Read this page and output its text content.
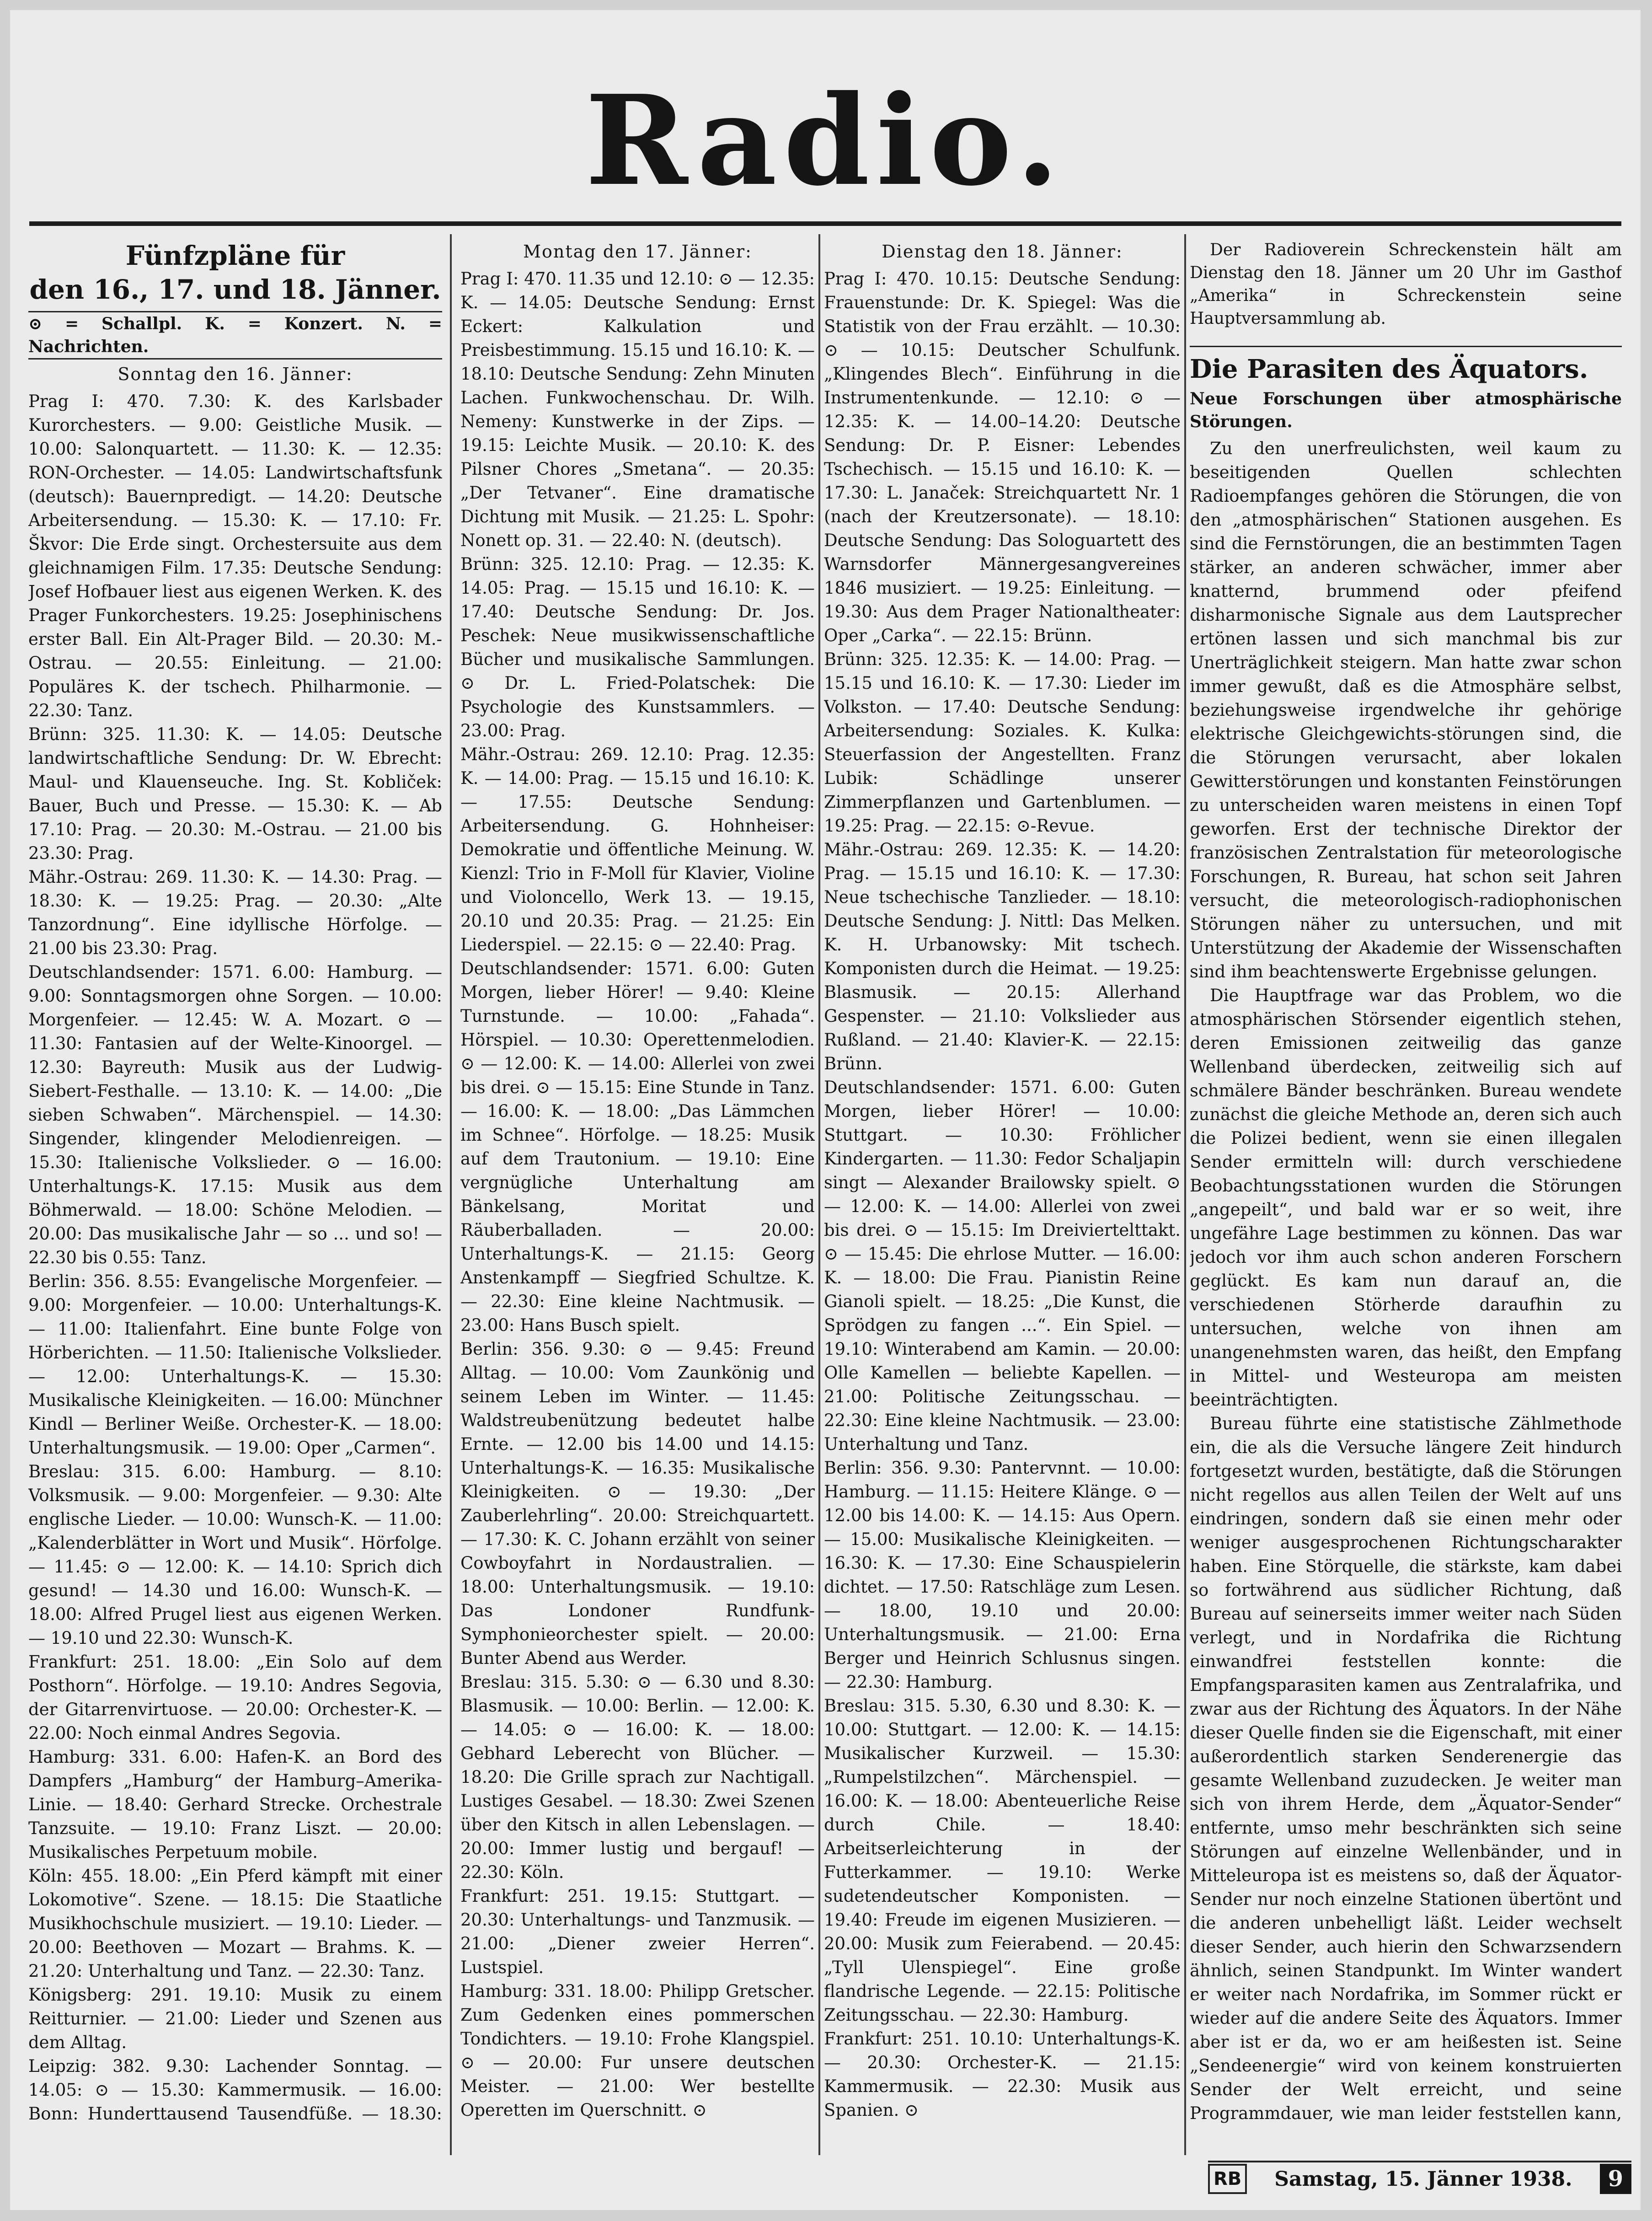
Radio.
Fünfzpläne für
den 16., 17. und 18. Jänner.
⊙ = Schallpl. K. = Konzert. N. = Nachrichten.
Sonntag den 16. Jänner:

Prag I: 470. 7.30: K. des Karlsbader Kurorchesters. — 9.00: Geistliche Musik. — 10.00: Salonquartett. — 11.30: K. — 12.35: RON-Orchester. — 14.05: Landwirtschaftsfunk (deutsch): Bauernpredigt. — 14.20: Deutsche Arbeitersendung. — 15.30: K. — 17.10: Fr. Škvor: Die Erde singt. Orchestersuite aus dem gleichnamigen Film. 17.35: Deutsche Sendung: Josef Hofbauer liest aus eigenen Werken. K. des Prager Funkorchesters. 19.25: Josephinischens erster Ball. Ein Alt-Prager Bild. — 20.30: M.-Ostrau. — 20.55: Einleitung. — 21.00: Populäres K. der tschech. Philharmonie. — 22.30: Tanz.

Brünn: 325. 11.30: K. — 14.05: Deutsche landwirtschaftliche Sendung: Dr. W. Ebrecht: Maul- und Klauenseuche. Ing. St. Kobliček: Bauer, Buch und Presse. — 15.30: K. — Ab 17.10: Prag. — 20.30: M.-Ostrau. — 21.00 bis 23.30: Prag.

Mähr.-Ostrau: 269. 11.30: K. — 14.30: Prag. — 18.30: K. — 19.25: Prag. — 20.30: „Alte Tanzordnung“. Eine idyllische Hörfolge. — 21.00 bis 23.30: Prag.

Deutschlandsender: 1571. 6.00: Hamburg. — 9.00: Sonntagsmorgen ohne Sorgen. — 10.00: Morgenfeier. — 12.45: W. A. Mozart. ⊙ — 11.30: Fantasien auf der Welte-Kinoorgel. — 12.30: Bayreuth: Musik aus der Ludwig-Siebert-Festhalle. — 13.10: K. — 14.00: „Die sieben Schwaben“. Märchenspiel. — 14.30: Singender, klingender Melodienreigen. — 15.30: Italienische Volkslieder. ⊙ — 16.00: Unterhaltungs-K. 17.15: Musik aus dem Böhmerwald. — 18.00: Schöne Melodien. — 20.00: Das musikalische Jahr — so ... und so! — 22.30 bis 0.55: Tanz.

Berlin: 356. 8.55: Evangelische Morgenfeier. — 9.00: Morgenfeier. — 10.00: Unterhaltungs-K. — 11.00: Italienfahrt. Eine bunte Folge von Hörberichten. — 11.50: Italienische Volkslieder. — 12.00: Unterhaltungs-K. — 15.30: Musikalische Kleinigkeiten. — 16.00: Münchner Kindl — Berliner Weiße. Orchester-K. — 18.00: Unterhaltungsmusik. — 19.00: Oper „Carmen“.

Breslau: 315. 6.00: Hamburg. — 8.10: Volksmusik. — 9.00: Morgenfeier. — 9.30: Alte englische Lieder. — 10.00: Wunsch-K. — 11.00: „Kalenderblätter in Wort und Musik“. Hörfolge. — 11.45: ⊙ — 12.00: K. — 14.10: Sprich dich gesund! — 14.30 und 16.00: Wunsch-K. — 18.00: Alfred Prugel liest aus eigenen Werken. — 19.10 und 22.30: Wunsch-K.

Frankfurt: 251. 18.00: „Ein Solo auf dem Posthorn“. Hörfolge. — 19.10: Andres Segovia, der Gitarrenvirtuose. — 20.00: Orchester-K. — 22.00: Noch einmal Andres Segovia.

Hamburg: 331. 6.00: Hafen-K. an Bord des Dampfers „Hamburg“ der Hamburg–Amerika-Linie. — 18.40: Gerhard Strecke. Orchestrale Tanzsuite. — 19.10: Franz Liszt. — 20.00: Musikalisches Perpetuum mobile.

Köln: 455. 18.00: „Ein Pferd kämpft mit einer Lokomotive“. Szene. — 18.15: Die Staatliche Musikhochschule musiziert. — 19.10: Lieder. — 20.00: Beethoven — Mozart — Brahms. K. — 21.20: Unterhaltung und Tanz. — 22.30: Tanz.

Königsberg: 291. 19.10: Musik zu einem Reitturnier. — 21.00: Lieder und Szenen aus dem Alltag.

Leipzig: 382. 9.30: Lachender Sonntag. — 14.05: ⊙ — 15.30: Kammermusik. — 16.00: Bonn: Hunderttausend Tausendfüße. — 18.30:

Montag den 17. Jänner:

Prag I: 470. 11.35 und 12.10: ⊙ — 12.35: K. — 14.05: Deutsche Sendung: Ernst Eckert: Kalkulation und Preisbestimmung. 15.15 und 16.10: K. — 18.10: Deutsche Sendung: Zehn Minuten Lachen. Funkwochenschau. Dr. Wilh. Nemeny: Kunstwerke in der Zips. — 19.15: Leichte Musik. — 20.10: K. des Pilsner Chores „Smetana“. — 20.35: „Der Tetvaner“. Eine dramatische Dichtung mit Musik. — 21.25: L. Spohr: Nonett op. 31. — 22.40: N. (deutsch).

Brünn: 325. 12.10: Prag. — 12.35: K. 14.05: Prag. — 15.15 und 16.10: K. — 17.40: Deutsche Sendung: Dr. Jos. Peschek: Neue musikwissenschaftliche Bücher und musikalische Sammlungen. ⊙ Dr. L. Fried-Polatschek: Die Psychologie des Kunstsammlers. — 23.00: Prag.

Mähr.-Ostrau: 269. 12.10: Prag. 12.35: K. — 14.00: Prag. — 15.15 und 16.10: K. — 17.55: Deutsche Sendung: Arbeitersendung. G. Hohnheiser: Demokratie und öffentliche Meinung. W. Kienzl: Trio in F-Moll für Klavier, Violine und Violoncello, Werk 13. — 19.15, 20.10 und 20.35: Prag. — 21.25: Ein Liederspiel. — 22.15: ⊙ — 22.40: Prag.

Deutschlandsender: 1571. 6.00: Guten Morgen, lieber Hörer! — 9.40: Kleine Turnstunde. — 10.00: „Fahada“. Hörspiel. — 10.30: Operettenmelodien. ⊙ — 12.00: K. — 14.00: Allerlei von zwei bis drei. ⊙ — 15.15: Eine Stunde in Tanz. — 16.00: K. — 18.00: „Das Lämmchen im Schnee“. Hörfolge. — 18.25: Musik auf dem Trautonium. — 19.10: Eine vergnügliche Unterhaltung am Bänkelsang, Moritat und Räuberballaden. — 20.00: Unterhaltungs-K. — 21.15: Georg Anstenkampff — Siegfried Schultze. K. — 22.30: Eine kleine Nachtmusik. — 23.00: Hans Busch spielt.

Berlin: 356. 9.30: ⊙ — 9.45: Freund Alltag. — 10.00: Vom Zaunkönig und seinem Leben im Winter. — 11.45: Waldstreubenützung bedeutet halbe Ernte. — 12.00 bis 14.00 und 14.15: Unterhaltungs-K. — 16.35: Musikalische Kleinigkeiten. ⊙ — 19.30: „Der Zauberlehrling“. 20.00: Streichquartett. — 17.30: K. C. Johann erzählt von seiner Cowboyfahrt in Nordaustralien. — 18.00: Unterhaltungsmusik. — 19.10: Das Londoner Rundfunk-Symphonieorchester spielt. — 20.00: Bunter Abend aus Werder.

Breslau: 315. 5.30: ⊙ — 6.30 und 8.30: Blasmusik. — 10.00: Berlin. — 12.00: K. — 14.05: ⊙ — 16.00: K. — 18.00: Gebhard Leberecht von Blücher. — 18.20: Die Grille sprach zur Nachtigall. Lustiges Gesabel. — 18.30: Zwei Szenen über den Kitsch in allen Lebenslagen. — 20.00: Immer lustig und bergauf! — 22.30: Köln.

Frankfurt: 251. 19.15: Stuttgart. — 20.30: Unterhaltungs- und Tanzmusik. — 21.00: „Diener zweier Herren“. Lustspiel.

Hamburg: 331. 18.00: Philipp Gretscher. Zum Gedenken eines pommerschen Tondichters. — 19.10: Frohe Klangspiel. ⊙ — 20.00: Fur unsere deutschen Meister. — 21.00: Wer bestellte Operetten im Querschnitt. ⊙

Dienstag den 18. Jänner:

Prag I: 470. 10.15: Deutsche Sendung: Frauenstunde: Dr. K. Spiegel: Was die Statistik von der Frau erzählt. — 10.30: ⊙ — 10.15: Deutscher Schulfunk. „Klingendes Blech“. Einführung in die Instrumentenkunde. — 12.10: ⊙ — 12.35: K. — 14.00–14.20: Deutsche Sendung: Dr. P. Eisner: Lebendes Tschechisch. — 15.15 und 16.10: K. — 17.30: L. Janaček: Streichquartett Nr. 1 (nach der Kreutzersonate). — 18.10: Deutsche Sendung: Das Sologuartett des Warnsdorfer Männergesangvereines 1846 musiziert. — 19.25: Einleitung. — 19.30: Aus dem Prager Nationaltheater: Oper „Carka“. — 22.15: Brünn.

Brünn: 325. 12.35: K. — 14.00: Prag. — 15.15 und 16.10: K. — 17.30: Lieder im Volkston. — 17.40: Deutsche Sendung: Arbeitersendung: Soziales. K. Kulka: Steuerfassion der Angestellten. Franz Lubik: Schädlinge unserer Zimmerpflanzen und Gartenblumen. — 19.25: Prag. — 22.15: ⊙-Revue.

Mähr.-Ostrau: 269. 12.35: K. — 14.20: Prag. — 15.15 und 16.10: K. — 17.30: Neue tschechische Tanzlieder. — 18.10: Deutsche Sendung: J. Nittl: Das Melken. K. H. Urbanowsky: Mit tschech. Komponisten durch die Heimat. — 19.25: Blasmusik. — 20.15: Allerhand Gespenster. — 21.10: Volkslieder aus Rußland. — 21.40: Klavier-K. — 22.15: Brünn.

Deutschlandsender: 1571. 6.00: Guten Morgen, lieber Hörer! — 10.00: Stuttgart. — 10.30: Fröhlicher Kindergarten. — 11.30: Fedor Schaljapin singt — Alexander Brailowsky spielt. ⊙ — 12.00: K. — 14.00: Allerlei von zwei bis drei. ⊙ — 15.15: Im Dreiviertelttakt. ⊙ — 15.45: Die ehrlose Mutter. — 16.00: K. — 18.00: Die Frau. Pianistin Reine Gianoli spielt. — 18.25: „Die Kunst, die Sprödgen zu fangen ...“. Ein Spiel. — 19.10: Winterabend am Kamin. — 20.00: Olle Kamellen — beliebte Kapellen. — 21.00: Politische Zeitungsschau. — 22.30: Eine kleine Nachtmusik. — 23.00: Unterhaltung und Tanz.

Berlin: 356. 9.30: Pantervnnt. — 10.00: Hamburg. — 11.15: Heitere Klänge. ⊙ — 12.00 bis 14.00: K. — 14.15: Aus Opern. — 15.00: Musikalische Kleinigkeiten. — 16.30: K. — 17.30: Eine Schauspielerin dichtet. — 17.50: Ratschläge zum Lesen. — 18.00, 19.10 und 20.00: Unterhaltungsmusik. — 21.00: Erna Berger und Heinrich Schlusnus singen. — 22.30: Hamburg.

Breslau: 315. 5.30, 6.30 und 8.30: K. — 10.00: Stuttgart. — 12.00: K. — 14.15: Musikalischer Kurzweil. — 15.30: „Rumpelstilzchen“. Märchenspiel. — 16.00: K. — 18.00: Abenteuerliche Reise durch Chile. — 18.40: Arbeitserleichterung in der Futterkammer. — 19.10: Werke sudetendeutscher Komponisten. — 19.40: Freude im eigenen Musizieren. — 20.00: Musik zum Feierabend. — 20.45: „Tyll Ulenspiegel“. Eine große flandrische Legende. — 22.15: Politische Zeitungsschau. — 22.30: Hamburg.

Frankfurt: 251. 10.10: Unterhaltungs-K. — 20.30: Orchester-K. — 21.15: Kammermusik. — 22.30: Musik aus Spanien. ⊙

Der Radioverein Schreckenstein hält am Dienstag den 18. Jänner um 20 Uhr im Gasthof „Amerika“ in Schreckenstein seine Hauptversammlung ab.

Die Parasiten des Äquators.
Neue Forschungen über atmosphärische Störungen.

Zu den unerfreulichsten, weil kaum zu beseitigenden Quellen schlechten Radioempfanges gehören die Störungen, die von den „atmosphärischen“ Stationen ausgehen. Es sind die Fernstörungen, die an bestimmten Tagen stärker, an anderen schwächer, immer aber knatternd, brummend oder pfeifend disharmonische Signale aus dem Lautsprecher ertönen lassen und sich manchmal bis zur Unerträglichkeit steigern. Man hatte zwar schon immer gewußt, daß es die Atmosphäre selbst, beziehungsweise irgendwelche ihr gehörige elektrische Gleichgewichts-störungen sind, die die Störungen verursacht, aber lokalen Gewitterstörungen und konstanten Feinstörungen zu unterscheiden waren meistens in einen Topf geworfen. Erst der technische Direktor der französischen Zentralstation für meteorologische Forschungen, R. Bureau, hat schon seit Jahren versucht, die meteorologisch-radiophonischen Störungen näher zu untersuchen, und mit Unterstützung der Akademie der Wissenschaften sind ihm beachtenswerte Ergebnisse gelungen.

Die Hauptfrage war das Problem, wo die atmosphärischen Störsender eigentlich stehen, deren Emissionen zeitweilig das ganze Wellenband überdecken, zeitweilig sich auf schmälere Bänder beschränken. Bureau wendete zunächst die gleiche Methode an, deren sich auch die Polizei bedient, wenn sie einen illegalen Sender ermitteln will: durch verschiedene Beobachtungsstationen wurden die Störungen „angepeilt“, und bald war er so weit, ihre ungefähre Lage bestimmen zu können. Das war jedoch vor ihm auch schon anderen Forschern geglückt. Es kam nun darauf an, die verschiedenen Störherde daraufhin zu untersuchen, welche von ihnen am unangenehmsten waren, das heißt, den Empfang in Mittel- und Westeuropa am meisten beeinträchtigten.

Bureau führte eine statistische Zählmethode ein, die als die Versuche längere Zeit hindurch fortgesetzt wurden, bestätigte, daß die Störungen nicht regellos aus allen Teilen der Welt auf uns eindringen, sondern daß sie einen mehr oder weniger ausgesprochenen Richtungscharakter haben. Eine Störquelle, die stärkste, kam dabei so fortwährend aus südlicher Richtung, daß Bureau auf seinerseits immer weiter nach Süden verlegt, und in Nordafrika die Richtung einwandfrei feststellen konnte: die Empfangsparasiten kamen aus Zentralafrika, und zwar aus der Richtung des Äquators. In der Nähe dieser Quelle finden sie die Eigenschaft, mit einer außerordentlich starken Senderenergie das gesamte Wellenband zuzudecken. Je weiter man sich von ihrem Herde, dem „Äquator-Sender“ entfernte, umso mehr beschränkten sich seine Störungen auf einzelne Wellenbänder, und in Mitteleuropa ist es meistens so, daß der Äquator-Sender nur noch einzelne Stationen übertönt und die anderen unbehelligt läßt. Leider wechselt dieser Sender, auch hierin den Schwarzsendern ähnlich, seinen Standpunkt. Im Winter wandert er weiter nach Nordafrika, im Sommer rückt er wieder auf die andere Seite des Äquators. Immer aber ist er da, wo er am heißesten ist. Seine „Sendeenergie“ wird von keinem konstruierten Sender der Welt erreicht, und seine Programmdauer, wie man leider feststellen kann,

RB Samstag, 15. Jänner 1938.	9
